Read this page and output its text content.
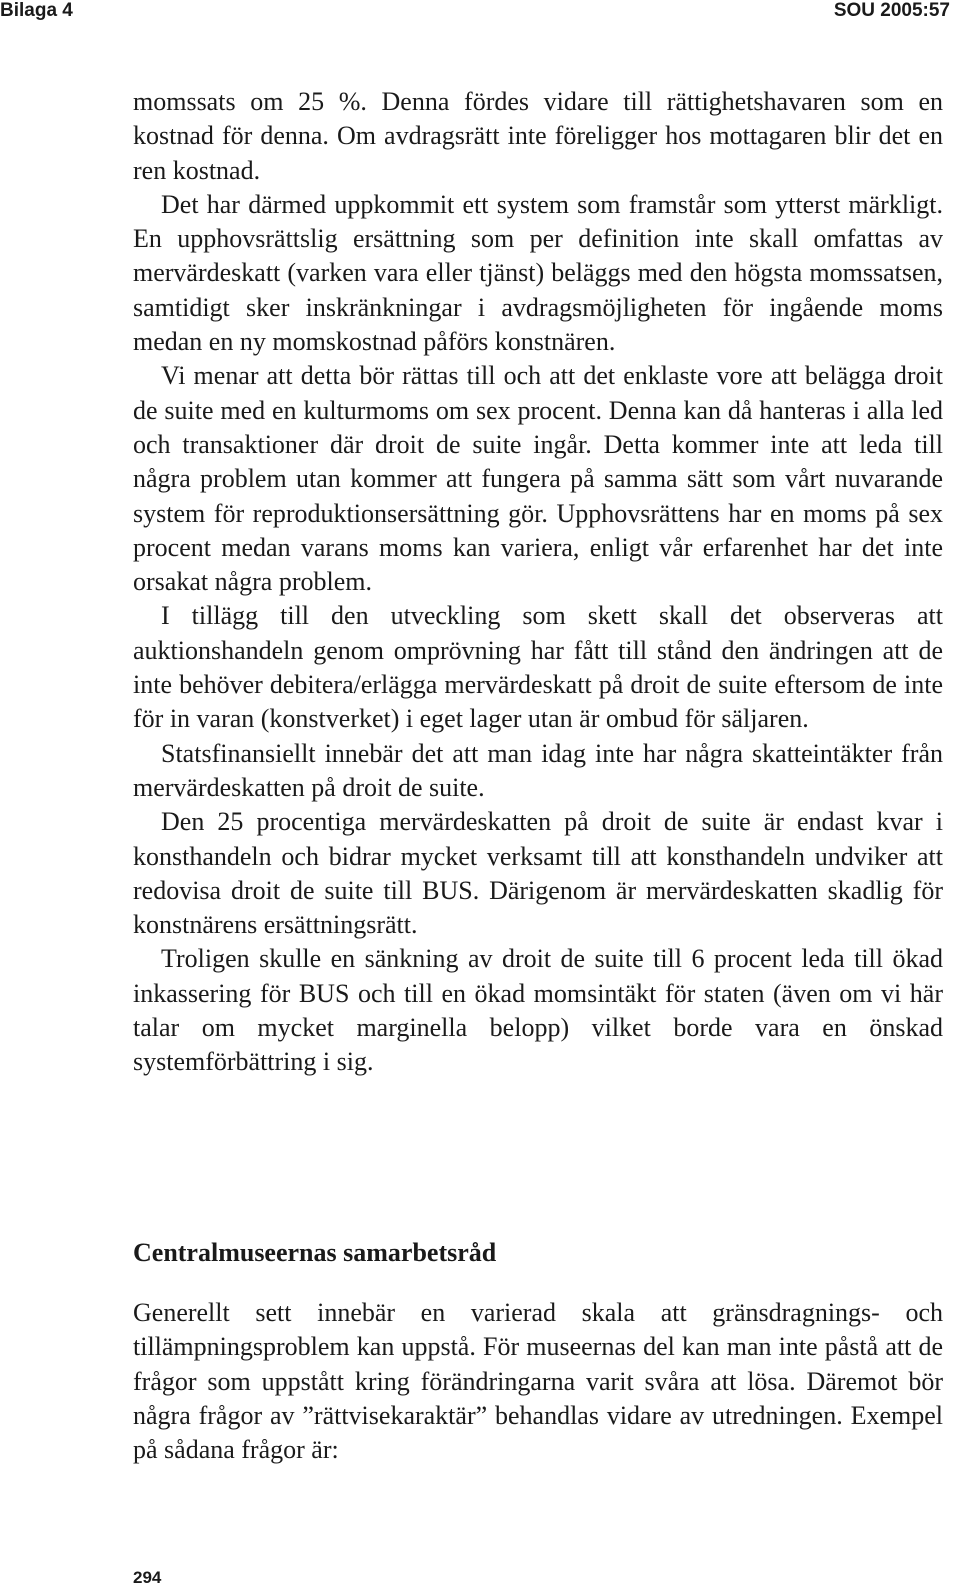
Bilaga 4	SOU 2005:57

momssats om 25 %. Denna fördes vidare till rättighetshavaren som en kostnad för denna. Om avdragsrätt inte föreligger hos mottagaren blir det en ren kostnad.

Det har därmed uppkommit ett system som framstår som ytterst märkligt. En upphovsrättslig ersättning som per definition inte skall omfattas av mervärdeskatt (varken vara eller tjänst) beläggs med den högsta momssatsen, samtidigt sker inskränkningar i avdragsmöjligheten för ingående moms medan en ny momskostnad påförs konstnären.

Vi menar att detta bör rättas till och att det enklaste vore att belägga droit de suite med en kulturmoms om sex procent. Denna kan då hanteras i alla led och transaktioner där droit de suite ingår. Detta kommer inte att leda till några problem utan kommer att fungera på samma sätt som vårt nuvarande system för reproduktionsersättning gör. Upphovsrättens har en moms på sex procent medan varans moms kan variera, enligt vår erfarenhet har det inte orsakat några problem.

I tillägg till den utveckling som skett skall det observeras att auktionshandeln genom omprövning har fått till stånd den ändringen att de inte behöver debitera/erlägga mervärdeskatt på droit de suite eftersom de inte för in varan (konstverket) i eget lager utan är ombud för säljaren.

Statsfinansiellt innebär det att man idag inte har några skatteintäkter från mervärdeskatten på droit de suite.

Den 25 procentiga mervärdeskatten på droit de suite är endast kvar i konsthandeln och bidrar mycket verksamt till att konsthandeln undviker att redovisa droit de suite till BUS. Därigenom är mervärdeskatten skadlig för konstnärens ersättningsrätt.

Troligen skulle en sänkning av droit de suite till 6 procent leda till ökad inkassering för BUS och till en ökad momsintäkt för staten (även om vi här talar om mycket marginella belopp) vilket borde vara en önskad systemförbättring i sig.

Centralmuseernas samarbetsråd

Generellt sett innebär en varierad skala att gränsdragnings- och tillämpningsproblem kan uppstå. För museernas del kan man inte påstå att de frågor som uppstått kring förändringarna varit svåra att lösa. Däremot bör några frågor av ”rättvisekaraktär” behandlas vidare av utredningen. Exempel på sådana frågor är:

294
